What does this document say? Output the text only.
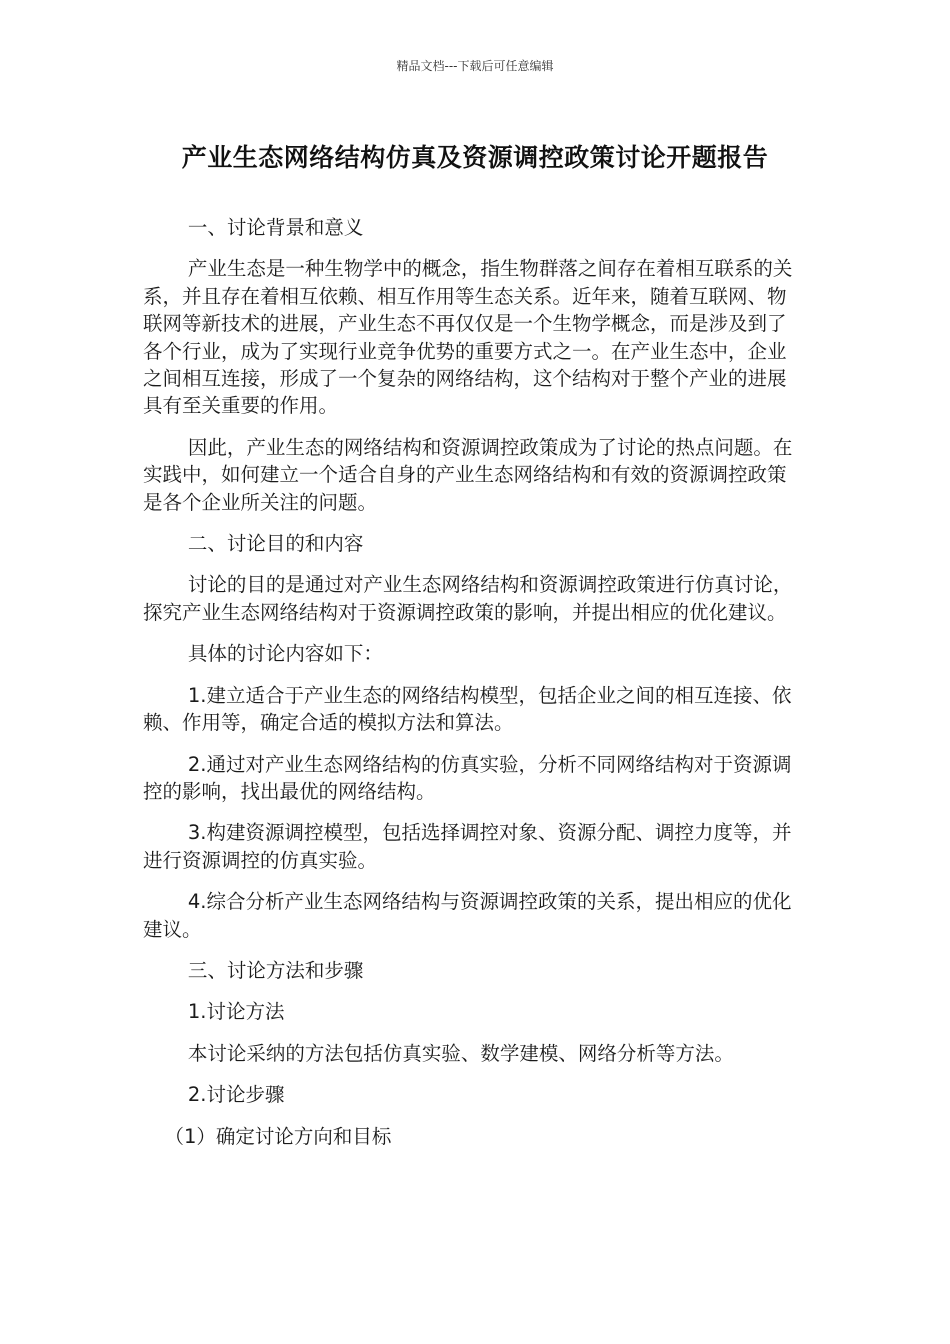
精品文档---下载后可任意编辑
产业生态网络结构仿真及资源调控政策讨论开题报告

一、讨论背景和意义

产业生态是一种生物学中的概念，指生物群落之间存在着相互联系的关系，并且存在着相互依赖、相互作用等生态关系。近年来，随着互联网、物联网等新技术的进展，产业生态不再仅仅是一个生物学概念，而是涉及到了各个行业，成为了实现行业竞争优势的重要方式之一。在产业生态中，企业之间相互连接，形成了一个复杂的网络结构，这个结构对于整个产业的进展具有至关重要的作用。

因此，产业生态的网络结构和资源调控政策成为了讨论的热点问题。在实践中，如何建立一个适合自身的产业生态网络结构和有效的资源调控政策是各个企业所关注的问题。

二、讨论目的和内容

讨论的目的是通过对产业生态网络结构和资源调控政策进行仿真讨论，探究产业生态网络结构对于资源调控政策的影响，并提出相应的优化建议。

具体的讨论内容如下：

1.建立适合于产业生态的网络结构模型，包括企业之间的相互连接、依赖、作用等，确定合适的模拟方法和算法。

2.通过对产业生态网络结构的仿真实验，分析不同网络结构对于资源调控的影响，找出最优的网络结构。

3.构建资源调控模型，包括选择调控对象、资源分配、调控力度等，并进行资源调控的仿真实验。

4.综合分析产业生态网络结构与资源调控政策的关系，提出相应的优化建议。

三、讨论方法和步骤

1.讨论方法

本讨论采纳的方法包括仿真实验、数学建模、网络分析等方法。

2.讨论步骤

（1）确定讨论方向和目标
